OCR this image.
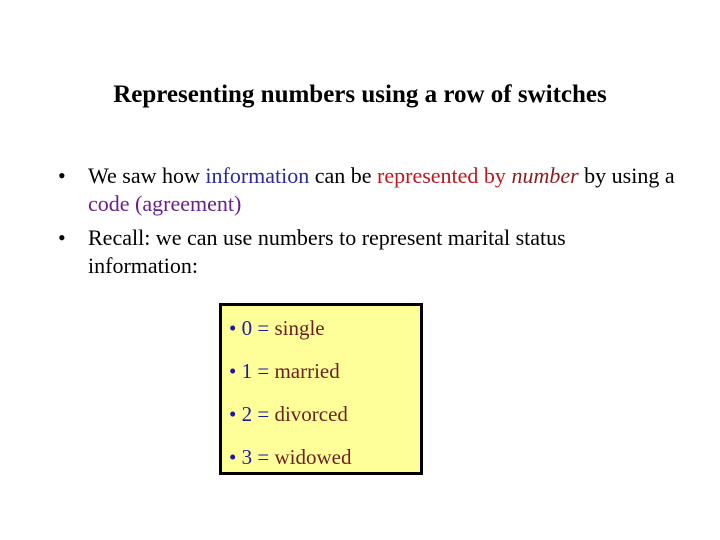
Representing numbers using a row of switches
• We saw how information can be represented by number by using a code (agreement)
• Recall: we can use numbers to represent marital status information:
• 0 = single
• 1 = married
• 2 = divorced
• 3 = widowed
